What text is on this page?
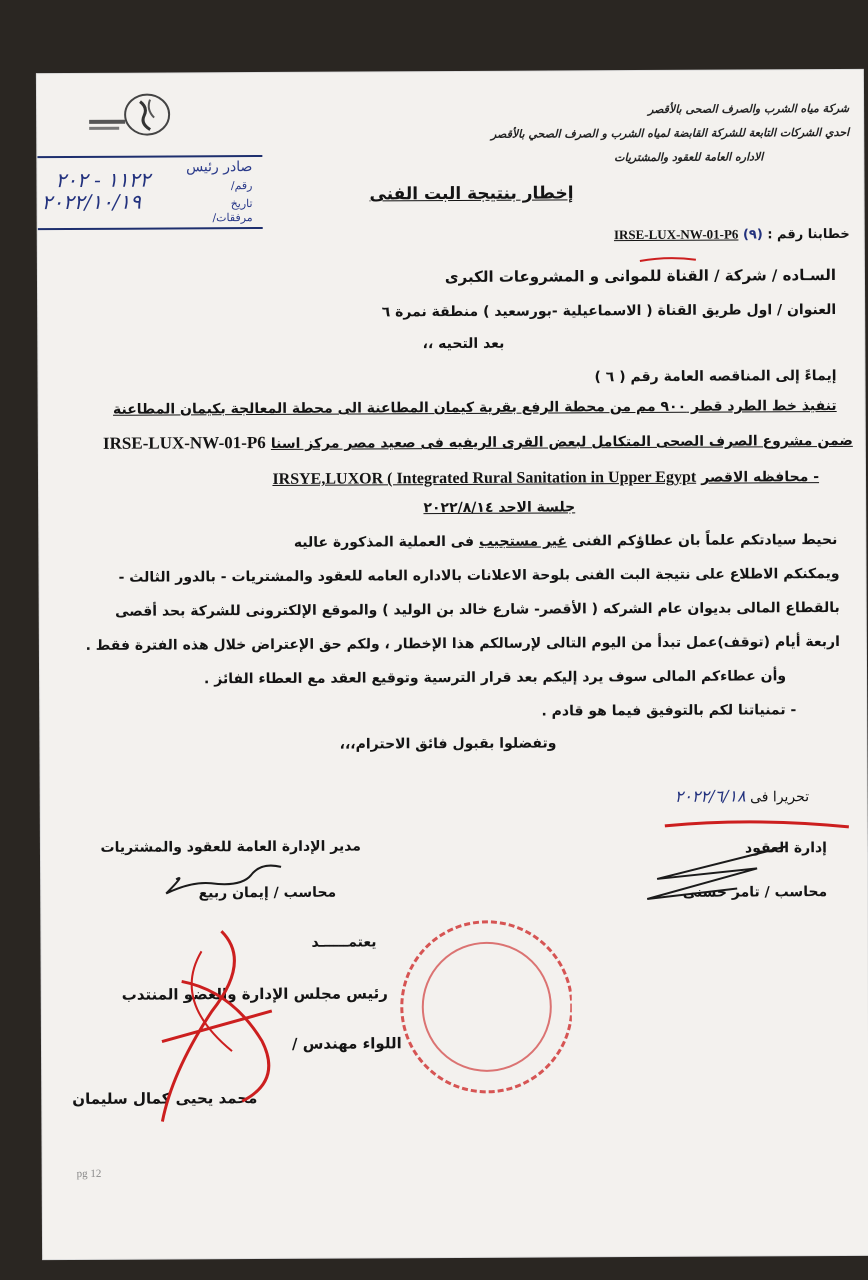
شركة مياه الشرب والصرف الصحى بالأقصر
احدي الشركات التابعة للشركة القابضة لمياه الشرب و الصرف الصحي بالأقصر
الاداره العامة للعقود والمشتريات
صادر رئيس
رقم/
١١٢٢ - ٢٠٢
تاريخ
٢٠٢٢/١٠/١٩
مرفقات/
إخطار بنتيجة البت الفنى
خطابنا رقم : (٩) IRSE-LUX-NW-01-P6
السـاده / شركة / القناة للموانى و المشروعات الكبرى
العنوان / اول طريق القناة ( الاسماعيلية -بورسعيد ) منطقة نمرة ٦
بعد التحيه ،،
إيماءً إلى المناقصه العامة رقم ( ٦ )
تنفيذ خط الطرد قطر ٩٠٠ مم من محطة الرفع بقرية كيمان المطاعنة الى محطة المعالجة بكيمان المطاعنة
ضمن مشروع الصرف الصحى المتكامل لبعض القرى الريفيه فى صعيد مصر مركز اسنا IRSE-LUX-NW-01-P6
- محافظه الاقصر IRSYE,LUXOR ( Integrated Rural Sanitation in Upper Egypt
جلسة الاحد ٢٠٢٢/٨/١٤
نحيط سيادتكم علماً بان عطاؤكم الفنى غير مستجيب فى العملية المذكورة عاليه
ويمكنكم الاطلاع على نتيجة البت الفنى بلوحة الاعلانات بالاداره العامه للعقود والمشتريات - بالدور الثالث -
بالقطاع المالى بديوان عام الشركه ( الأقصر- شارع خالد بن الوليد ) والموقع الإلكترونى للشركة بحد أقصى
اربعة أيام (توقف)عمل تبدأ من اليوم التالى لإرسالكم هذا الإخطار ، ولكم حق الإعتراض خلال هذه الفترة فقط .
وأن عطاءكم المالى سوف يرد إليكم بعد قرار الترسية وتوقيع العقد مع العطاء الفائز .
- تمنياتنا لكم بالتوفيق فيما هو قادم .
وتفضلوا بقبول فائق الاحترام،،،
تحريرا فى ٢٠٢٢/٦/١٨
إدارة العقود
محاسب / تامر حسنى
مدير الإدارة العامة للعقود والمشتريات
محاسب / إيمان ربيع
يعتمــــــد
رئيس مجلس الإدارة والعضو المنتدب
اللواء مهندس /
محمد يحيى كمال سليمان
pg 12
